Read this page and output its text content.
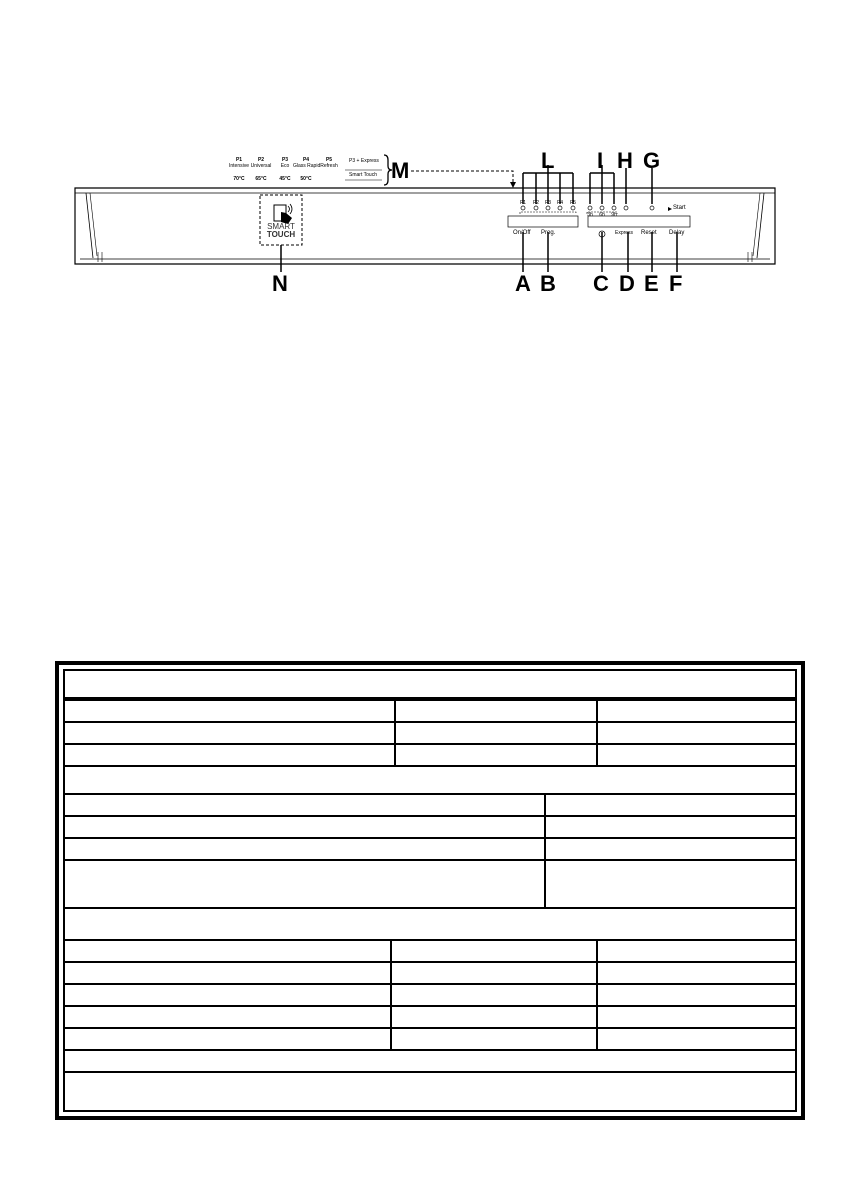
P1
Intensive
70°C
P2
Universal
65°C
P3
Eco
45°C
P4
Glass Rapid
50°C
P5
Refresh
P3 + Express
Smart Touch
SMART
TOUCH
P1 P2 P3 P4 P5
3h 6h 9h
Start
On/Off Prog.	Express Reset Delay
L I H G
M
N	A B C D E F
